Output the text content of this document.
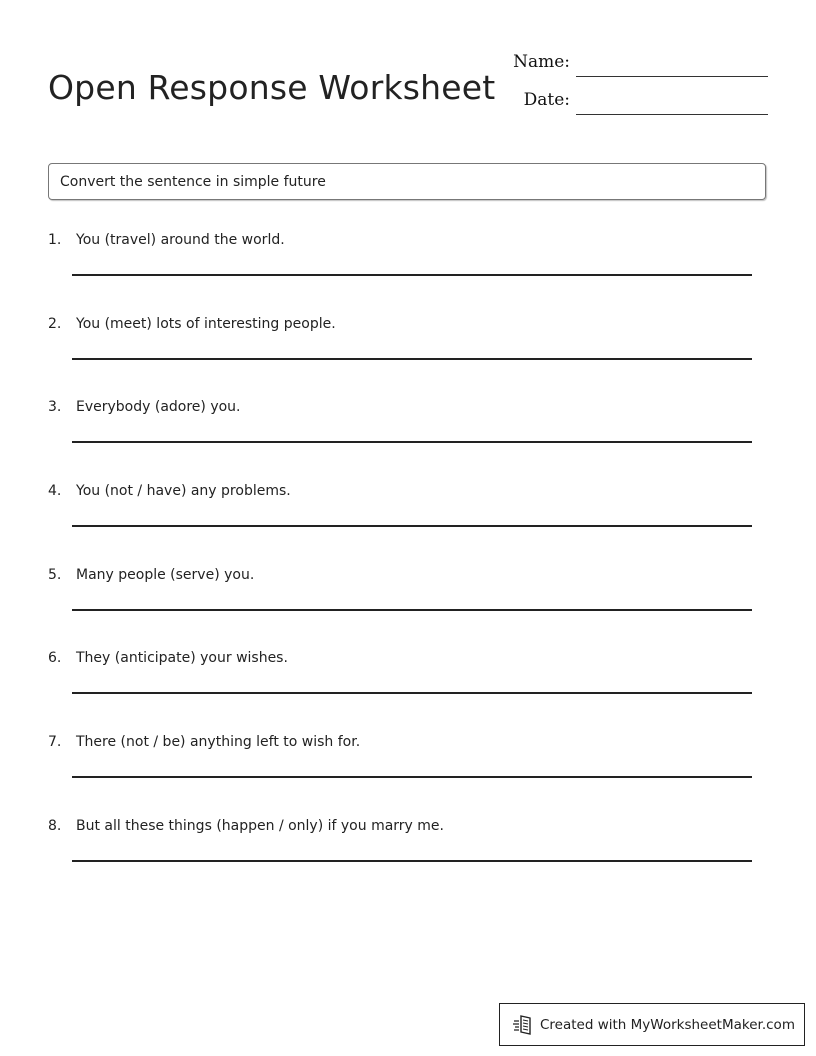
Open Response Worksheet
Name:
Date:
Convert the sentence in simple future
1. You (travel) around the world.
2. You (meet) lots of interesting people.
3. Everybody (adore) you.
4. You (not / have) any problems.
5. Many people (serve) you.
6. They (anticipate) your wishes.
7. There (not / be) anything left to wish for.
8. But all these things (happen / only) if you marry me.
Created with MyWorksheetMaker.com
